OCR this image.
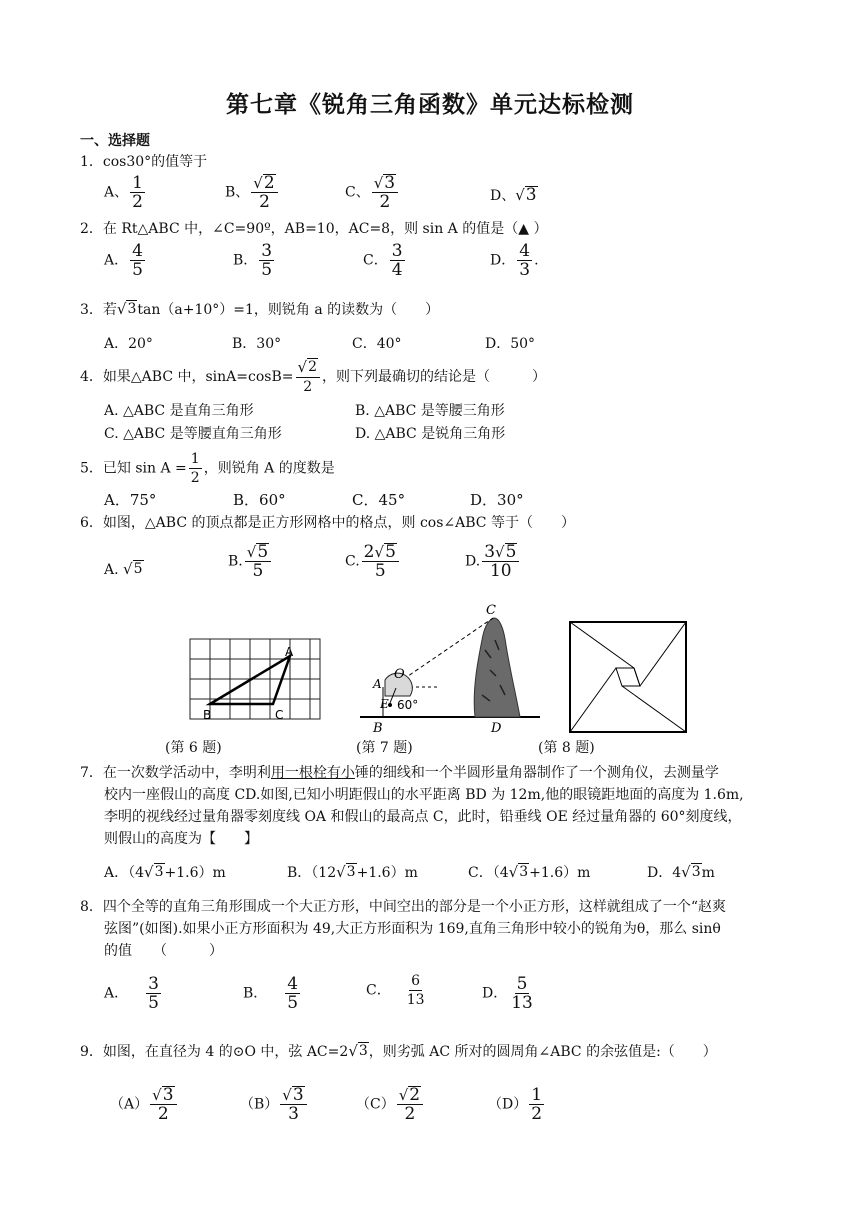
第七章《锐角三角函数》单元达标检测
一、选择题
1．cos30°的值等于
A、 $\frac{1}{2}$	B、 $\frac{√ 2}{2}$	C、 $\frac{√ 3}{2}$	D、 √ 3
2．在 Rt△ABC 中，∠C=90º，AB=10，AC=8，则 sin A 的值是（▲ ）
A． $\frac{4}{5}$	B． $\frac{3}{5}$	C． $\frac{3}{4}$	D． $\frac{4}{3}$ .
3．若 √ 3 tan（a+10°）=1，则锐角 a 的读数为（　　）
A．20°	B．30°	C．40°	D．50°
4．如果△ABC 中，$\sin A=\cos B= \frac{√ 2}{2}$ ，则下列最确切的结论是（　　　）
A. △ABC 是直角三角形	B. △ABC 是等腰三角形
C. △ABC 是等腰直角三角形	D. △ABC 是锐角三角形
5．已知 $\sin A = \frac{1}{2}$ ，则锐角 A 的度数是
A．75°	B．60°	C．45°	D．30°
6．如图，△ABC 的顶点都是正方形网格中的格点，则 cos∠ABC 等于（　　）
A. √ 5	B. $\frac{√ 5}{5}$	C. $\frac{2 √ 5}{5}$	D. $\frac{3 √ 5}{10}$
A
B	C
C
O
A
E 60°
B	D
(第 6 题)	(第 7 题)	(第 8 题)
7．在一次数学活动中，李明利用一根栓有小锤的细线和一个半圆形量角器制作了一个测角仪，去测量学
校内一座假山的高度 CD.如图,已知小明距假山的水平距离 BD 为 12m,他的眼镜距地面的高度为 1.6m,
李明的视线经过量角器零刻度线 OA 和假山的最高点 C，此时，铅垂线 OE 经过量角器的 60°刻度线，
则假山的高度为【　　】
A．（4 √ 3 +1.6）m	B．（12 √ 3 +1.6）m	C．（4 √ 3 +1.6）m	D．4 √ 3 m
8．四个全等的直角三角形围成一个大正方形，中间空出的部分是一个小正方形，这样就组成了一个“赵爽
弦图”(如图).如果小正方形面积为 49,大正方形面积为 169,直角三角形中较小的锐角为θ，那么 sinθ
的值　　（　　　）
A． $\frac{3}{5}$	B． $\frac{4}{5}$	C． $\frac{6}{13}$	D． $\frac{5}{13}$
9．如图，在直径为 4 的⊙O 中，弦 AC=2 √ 3 ，则劣弧 AC 所对的圆周角∠ABC 的余弦值是:（　　）
$(A) \frac{√ 3}{2}$	$(B) \frac{√ 3}{3}$	$(C) \frac{√ 2}{2}$	$(D) \frac{1}{2}$
